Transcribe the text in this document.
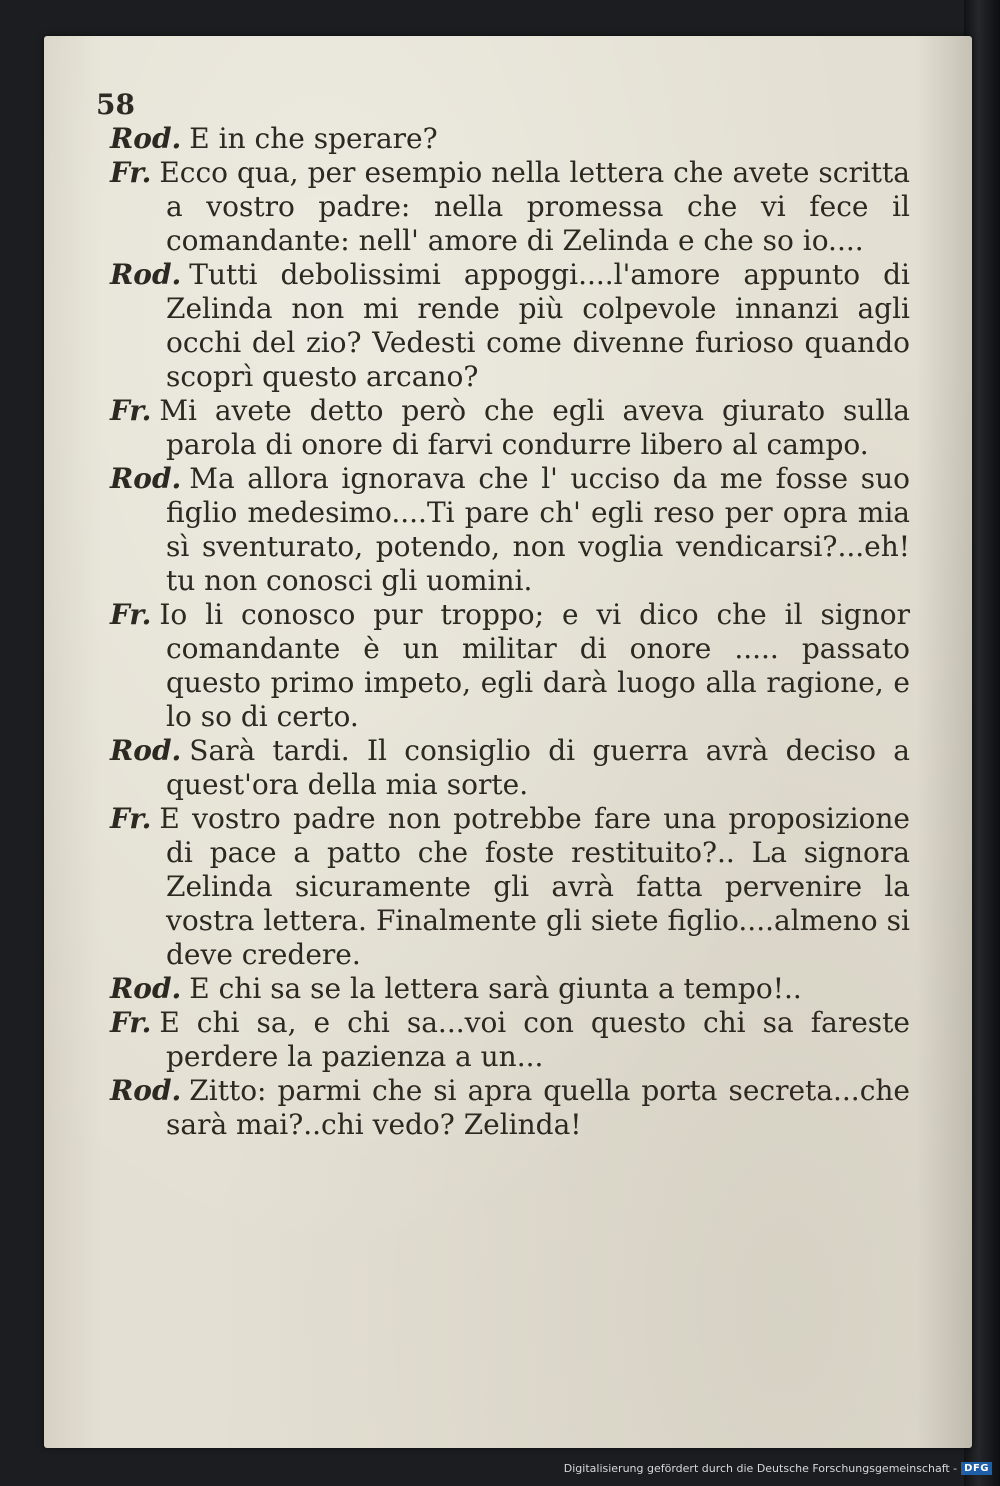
58

Rod. E in che sperare?

Fr. Ecco qua, per esempio nella lettera che avete scritta a vostro padre: nella promessa che vi fece il comandante: nell' amore di Zelinda e che so io....

Rod. Tutti debolissimi appoggi....l'amore appunto di Zelinda non mi rende più colpevole innanzi agli occhi del zio? Vedesti come divenne furioso quando scoprì questo arcano?

Fr. Mi avete detto però che egli aveva giurato sulla parola di onore di farvi condurre libero al campo.

Rod. Ma allora ignorava che l' ucciso da me fosse suo figlio medesimo....Ti pare ch' egli reso per opra mia sì sventurato, potendo, non voglia vendicarsi?...eh! tu non conosci gli uomini.

Fr. Io li conosco pur troppo; e vi dico che il signor comandante è un militar di onore ..... passato questo primo impeto, egli darà luogo alla ragione, e lo so di certo.

Rod. Sarà tardi. Il consiglio di guerra avrà deciso a quest'ora della mia sorte.

Fr. E vostro padre non potrebbe fare una proposizione di pace a patto che foste restituito?.. La signora Zelinda sicuramente gli avrà fatta pervenire la vostra lettera. Finalmente gli siete figlio....almeno si deve credere.

Rod. E chi sa se la lettera sarà giunta a tempo!..

Fr. E chi sa, e chi sa...voi con questo chi sa fareste perdere la pazienza a un...

Rod. Zitto: parmi che si apra quella porta secreta...che sarà mai?..chi vedo? Zelinda!

Digitalisierung gefördert durch die Deutsche Forschungsgemeinschaft - DFG
